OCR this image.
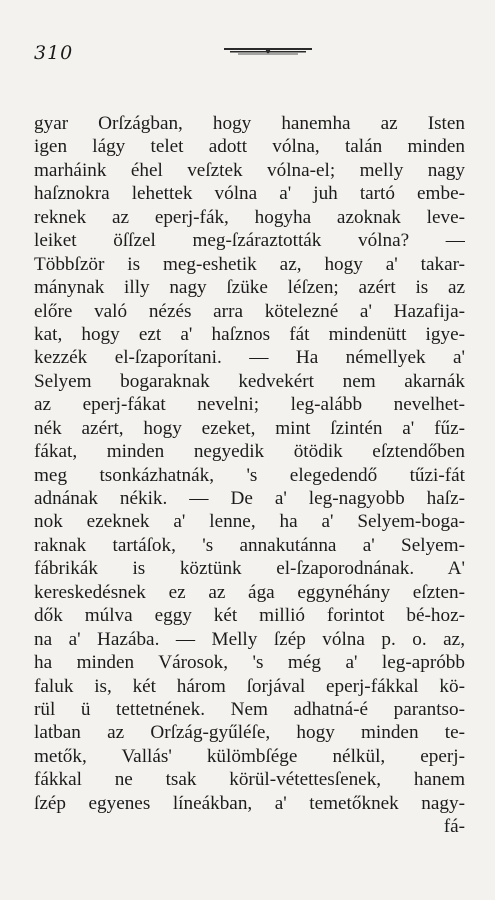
310
gyar Orſzágban, hogy hanemha az Isten
igen lágy telet adott vólna, talán minden
marháink éhel veſztek vólna-el; melly nagy
haſznokra lehettek vólna a' juh tartó embe-
reknek az eperj-fák, hogyha azoknak leve-
leiket öſſzel meg-ſzáraztották vólna? —
Többſzör is meg-eshetik az, hogy a' takar-
mánynak illy nagy ſzüke léſzen; azért is az
előre való nézés arra kötelezné a' Hazafija-
kat, hogy ezt a' haſznos fát mindenütt igye-
kezzék el-ſzaporítani. — Ha némellyek a'
Selyem bogaraknak kedvekért nem akarnák
az eperj-fákat nevelni; leg-alább nevelhet-
nék azért, hogy ezeket, mint ſzintén a' fűz-
fákat, minden negyedik ötödik eſztendőben
meg tsonkázhatnák, 's elegedendő tűzi-fát
adnának nékik. — De a' leg-nagyobb haſz-
nok ezeknek a' lenne, ha a' Selyem-boga-
raknak tartáſok, 's annakutánna a' Selyem-
fábrikák is köztünk el-ſzaporodnának. A'
kereskedésnek ez az ága eggynéhány eſzten-
dők múlva eggy két millió forintot bé-hoz-
na a' Hazába. — Melly ſzép vólna p. o. az,
ha minden Városok, 's még a' leg-apróbb
faluk is, két három ſorjával eperj-fákkal kö-
rül ü tettetnének. Nem adhatná-é parantso-
latban az Orſzág-gyűléſe, hogy minden te-
metők, Vallás' külömbſége nélkül, eperj-
fákkal ne tsak körül-vétettesſenek, hanem
ſzép egyenes líneákban, a' temetőknek nagy-
fá-
